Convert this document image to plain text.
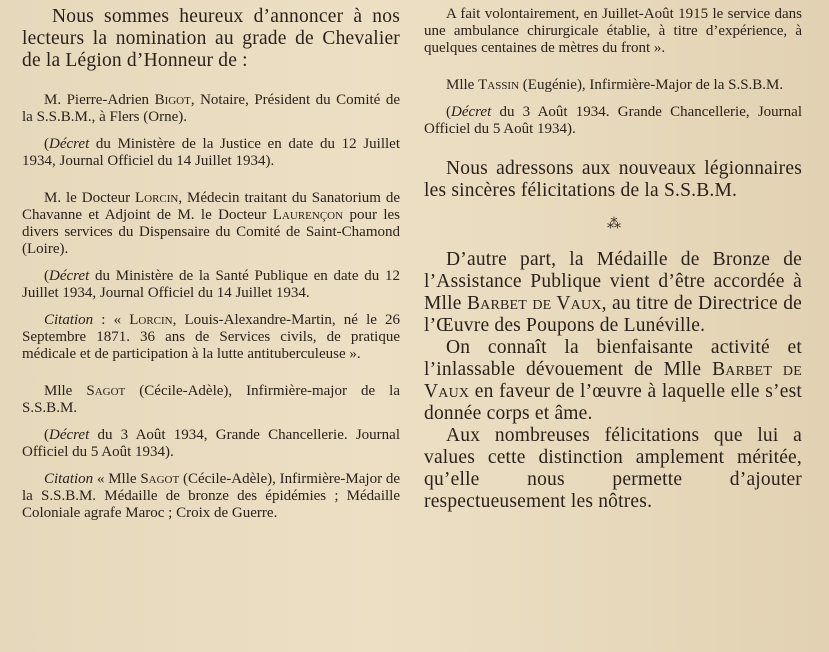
Nous sommes heureux d’annoncer à nos lecteurs la nomination au grade de Chevalier de la Légion d’Honneur de :

M. Pierre-Adrien Bigot, Notaire, Président du Comité de la S.S.B.M., à Flers (Orne).

(Décret du Ministère de la Justice en date du 12 Juillet 1934, Journal Officiel du 14 Juillet 1934).

M. le Docteur Lorcin, Médecin traitant du Sanatorium de Chavanne et Adjoint de M. le Docteur Laurençon pour les divers services du Dispensaire du Comité de Saint-Chamond (Loire).

(Décret du Ministère de la Santé Publique en date du 12 Juillet 1934, Journal Officiel du 14 Juillet 1934.

Citation : « Lorcin, Louis-Alexandre-Martin, né le 26 Septembre 1871. 36 ans de Services civils, de pratique médicale et de participation à la lutte antituberculeuse ».

Mlle Sagot (Cécile-Adèle), Infirmière-major de la S.S.B.M.

(Décret du 3 Août 1934, Grande Chancellerie. Journal Officiel du 5 Août 1934).

Citation « Mlle Sagot (Cécile-Adèle), Infirmière-Major de la S.S.B.M. Médaille de bronze des épidémies ; Médaille Coloniale agrafe Maroc ; Croix de Guerre.

A fait volontairement, en Juillet-Août 1915 le service dans une ambulance chirurgicale établie, à titre d’expérience, à quelques centaines de mètres du front ».

Mlle Tassin (Eugénie), Infirmière-Major de la S.S.B.M.

(Décret du 3 Août 1934. Grande Chancellerie, Journal Officiel du 5 Août 1934).

Nous adressons aux nouveaux légionnaires les sincères félicitations de la S.S.B.M.

⁂

D’autre part, la Médaille de Bronze de l’Assistance Publique vient d’être accordée à Mlle Barbet de Vaux, au titre de Directrice de l’Œuvre des Poupons de Lunéville.

On connaît la bienfaisante activité et l’inlassable dévouement de Mlle Barbet de Vaux en faveur de l’œuvre à laquelle elle s’est donnée corps et âme.

Aux nombreuses félicitations que lui a values cette distinction amplement méritée, qu’elle nous permette d’ajouter respectueusement les nôtres.
